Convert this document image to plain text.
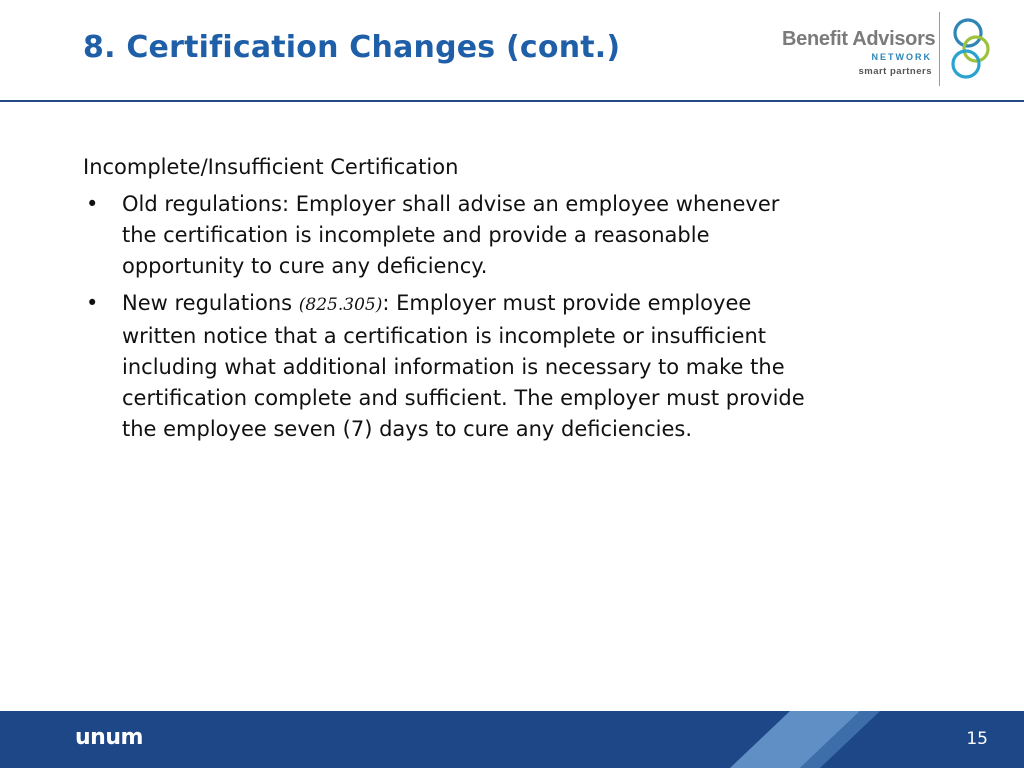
8. Certification Changes (cont.)	Benefit Advisors
NETWORK
smart partners
Incomplete/Insufficient Certification
• Old regulations: Employer shall advise an employee whenever
the certification is incomplete and provide a reasonable
opportunity to cure any deficiency.
• New regulations (825.305): Employer must provide employee
written notice that a certification is incomplete or insufficient
including what additional information is necessary to make the
certification complete and sufficient. The employer must provide
the employee seven (7) days to cure any deficiencies.
unum	15
